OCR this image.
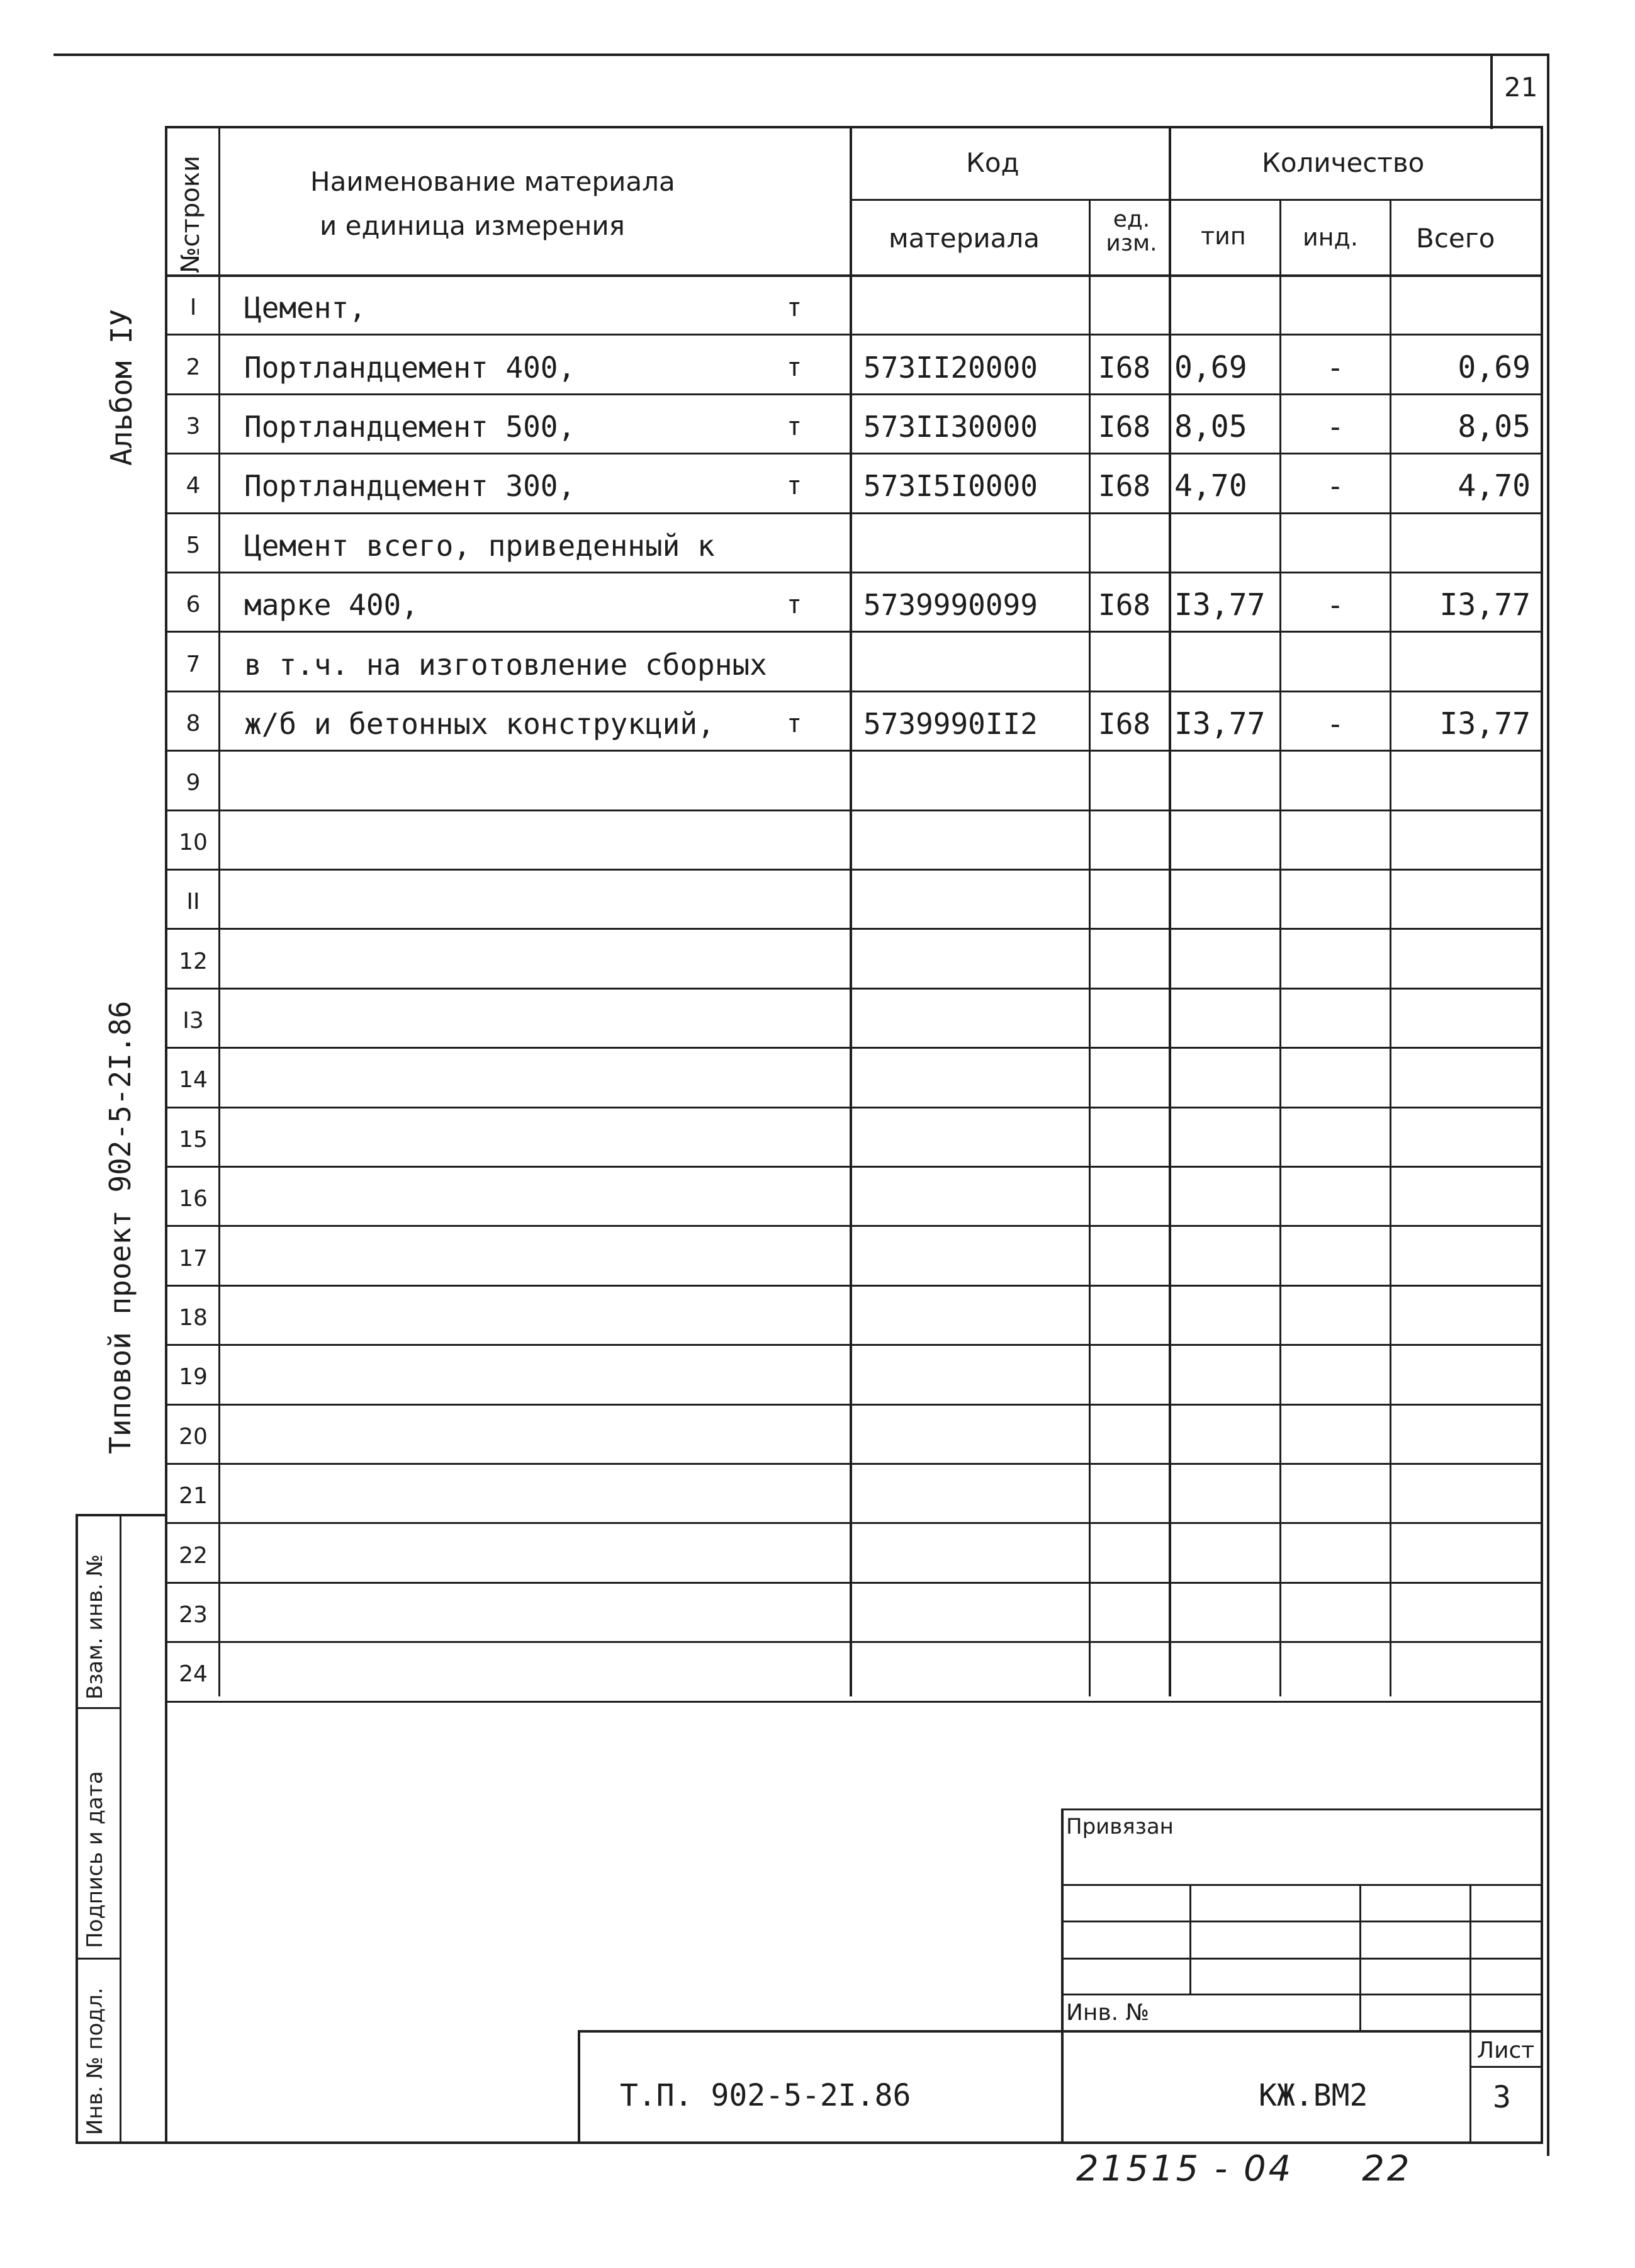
21
Альбом IУ
Типовой проект 902-5-2I.86
Взам. инв. №
Подпись и дата
Инв. № подл.
№строки	Наименование материала
и единица измерения
Код
материала
ед. изм.
Количество
тип инд. Всего
I	Цемент,	т
2	Портландцемент 400,	т 573II20000 I68 0,69	-	0,69
3	Портландцемент 500,	т 573II30000 I68 8,05	-	8,05
4	Портландцемент 300,	т 573I5I0000 I68 4,70	-	4,70
5	Цемент всего, приведенный к
6	марке 400,	т 5739990099 I68 I3,77 -	I3,77
7	в т.ч. на изготовление сборных
8	ж/б и бетонных конструкций,	т 5739990II2 I68 I3,77 -	I3,77
9
10
II
12
I3
14
15
16
17
18
19
20
21
22
23
24
Привязан
Инв. №
Т.П. 902-5-2I.86	КЖ.ВМ2
Лист
3
21515 - 04     22
